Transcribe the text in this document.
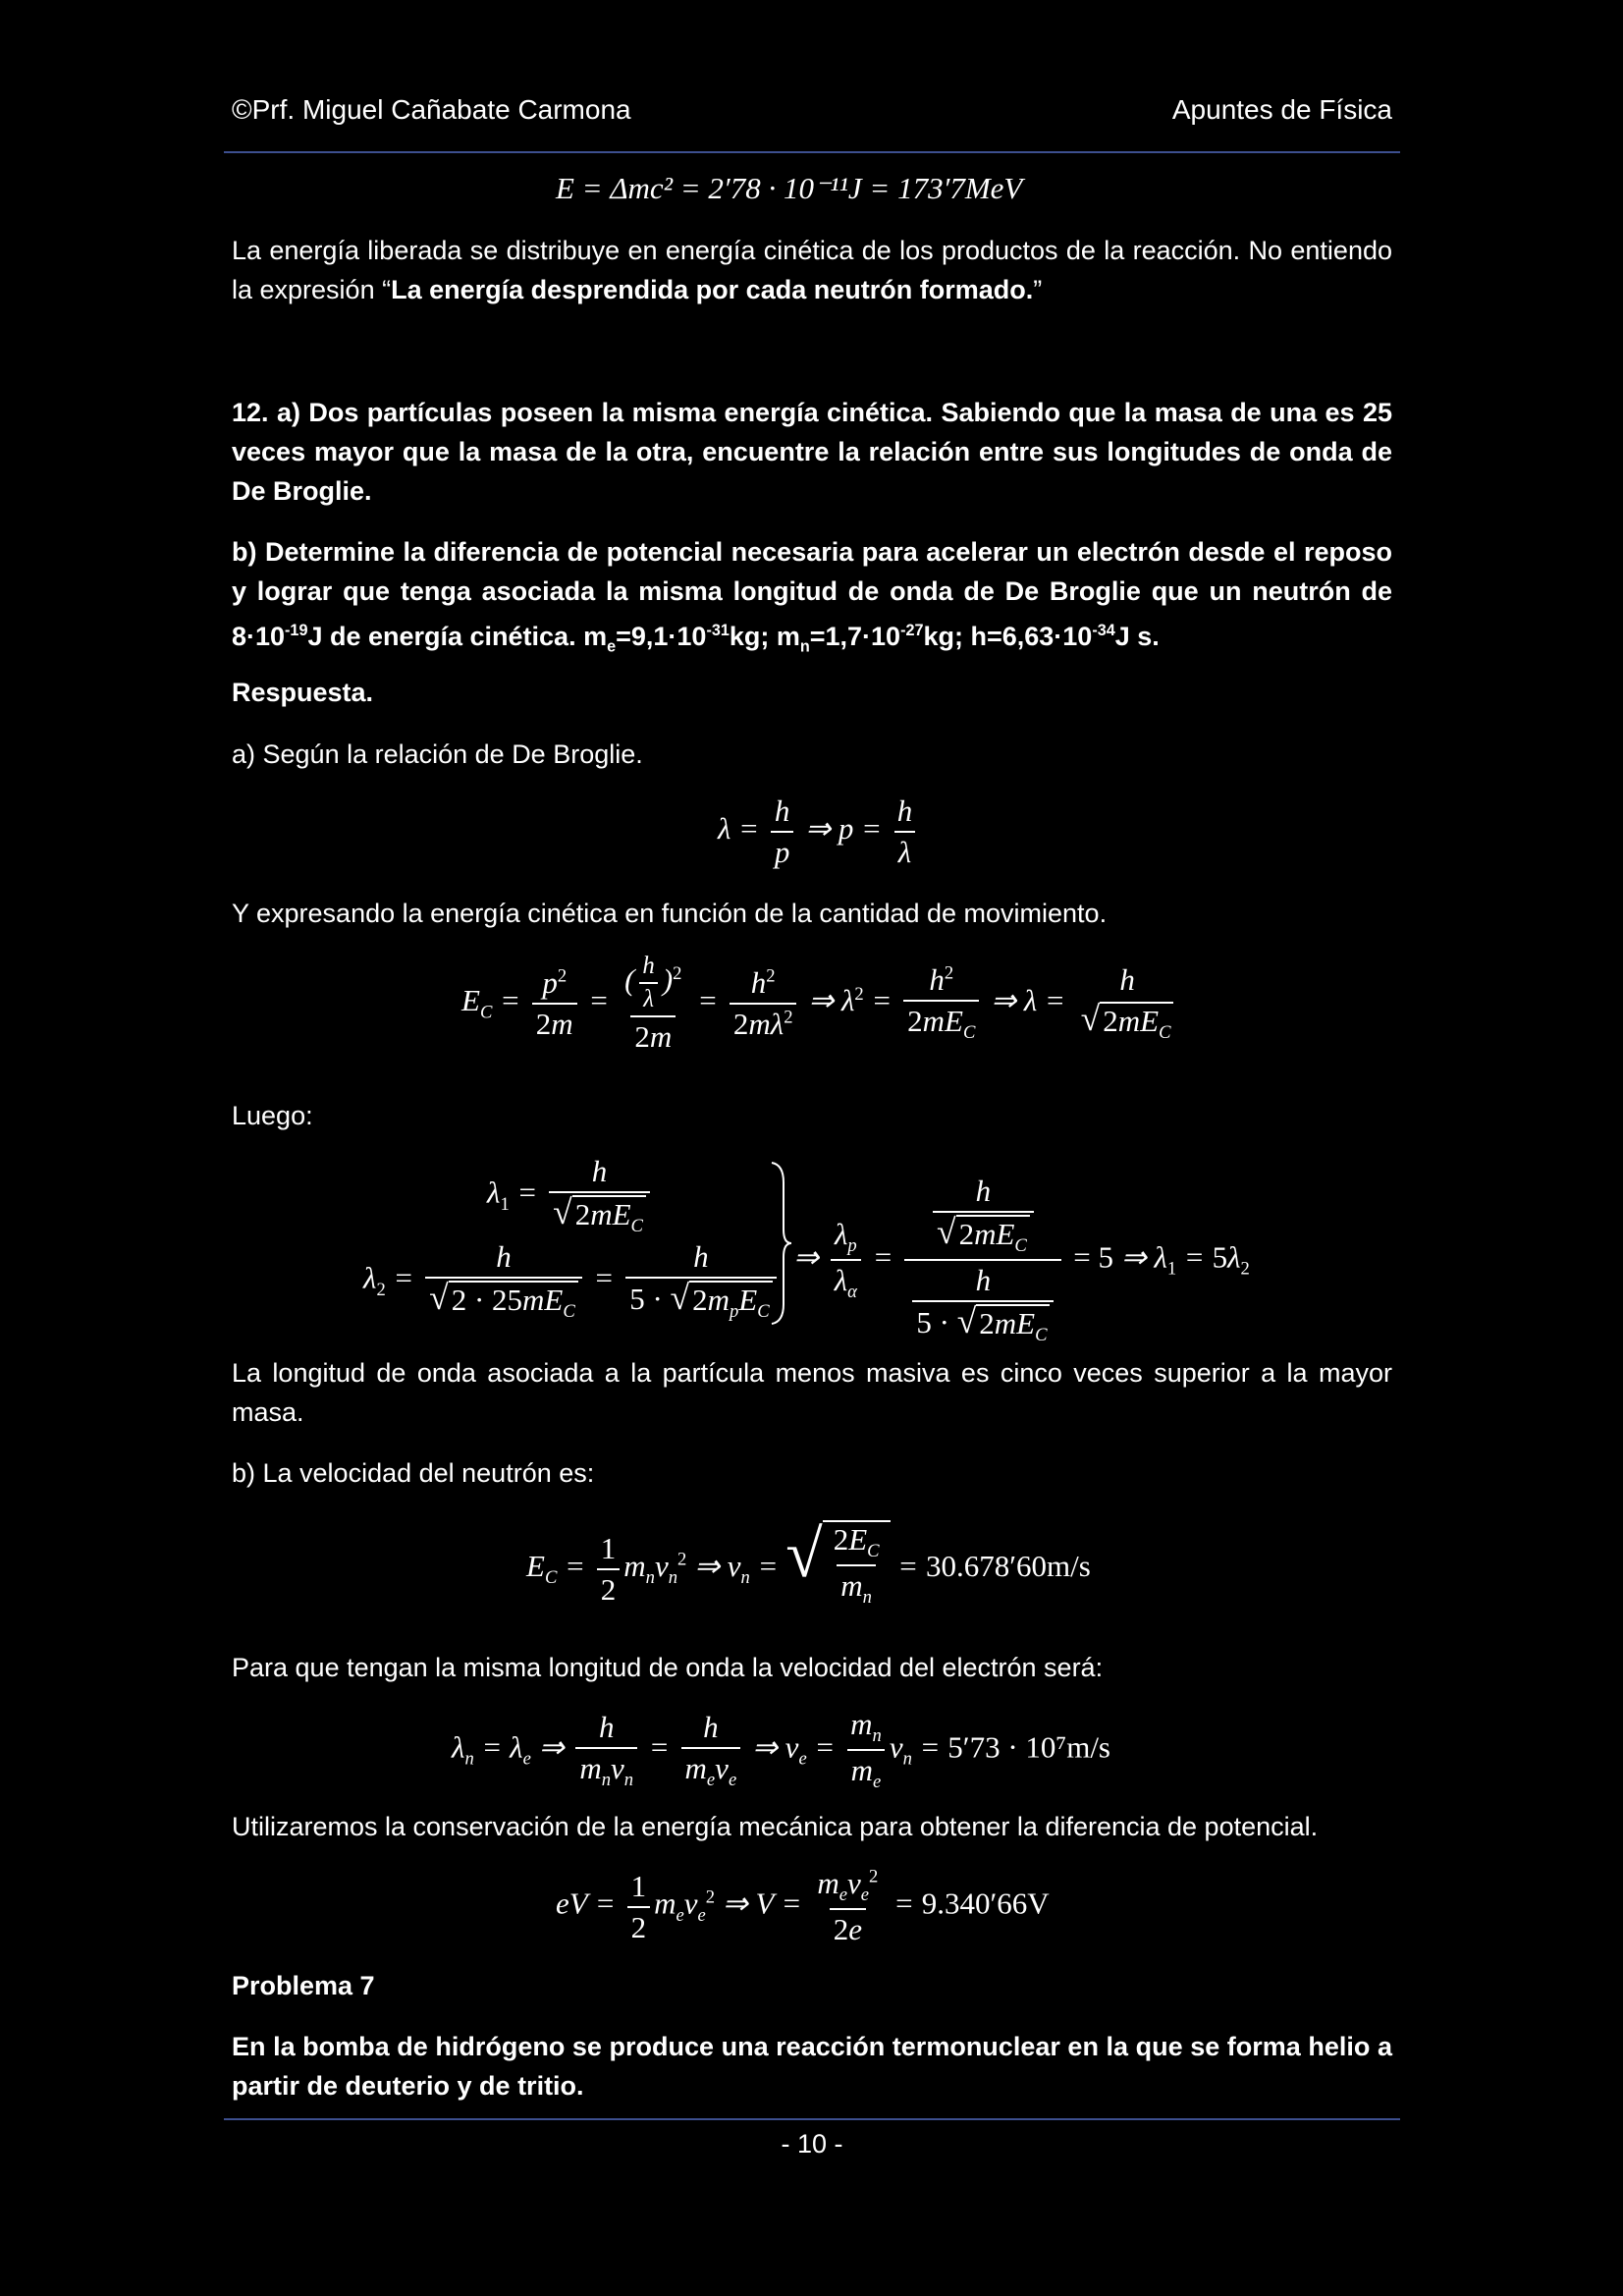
©Prf. Miguel Cañabate Carmona	Apuntes de Física
E = Δmc² = 2′78 · 10⁻¹¹J = 173′7MeV

La energía liberada se distribuye en energía cinética de los productos de la reacción. No entiendo la expresión “La energía desprendida por cada neutrón formado.”

12. a) Dos partículas poseen la misma energía cinética. Sabiendo que la masa de una es 25 veces mayor que la masa de la otra, encuentre la relación entre sus longitudes de onda de De Broglie.

b) Determine la diferencia de potencial necesaria para acelerar un electrón desde el reposo y lograr que tenga asociada la misma longitud de onda de De Broglie que un neutrón de $8\cdot 10^{-19}J$ de energía cinética. $m_e=9,1\cdot 10^{-31}kg$; $m_n=1,7\cdot 10^{-27}kg$; $h=6,63\cdot 10^{-34}J$ s.

Respuesta.

a) Según la relación de De Broglie.

$\lambda = \frac{h}{p}$ ⇒ $p = \frac{h}{\lambda}$

Y expresando la energía cinética en función de la cantidad de movimiento.

$E_C = \frac{p^2}{2m} = \frac{( \frac{h}{\lambda} )^2}{2m} = \frac{h^2}{2m\lambda^2}$ ⇒ $\lambda^2 = \frac{h^2}{2mE_C}$ ⇒ λ =
h
√ $2mE_C$

Luego:

$\lambda_1 = \frac{h}{√ 2mE_C}$
$\lambda_2 = \frac{h}{√ 2 \cdot 25mE_C} = \frac{h}{5 \cdot √ 2m_pE_C}$ ⇒ $\frac{\lambda_p}{\lambda_\alpha} = \frac{\frac{h}{√ 2mE_C}}{\frac{h}{5 \cdot √ 2mE_C}} = 5$ ⇒ $\lambda_1 = 5\lambda_2$

La longitud de onda asociada a la partícula menos masiva es cinco veces superior a la mayor masa.

b) La velocidad del neutrón es:

$E_C = \frac{1}{2} m_nv_n^2$ ⇒ $v_n$ = √ $\frac{2E_C}{m_n} = 30.678'60m/s$

Para que tengan la misma longitud de onda la velocidad del electrón será:

$\lambda_n = \lambda_e$ ⇒ $\frac{h}{m_nv_n} = \frac{h}{m_ev_e}$ ⇒ $v_e = \frac{m_n}{m_e} v_n = 5'73 \cdot 10^7m/s$

Utilizaremos la conservación de la energía mecánica para obtener la diferencia de potencial.

eV = $\frac{1}{2} m_ev_e^2$ ⇒ $V = \frac{m_ev_e^2}{2e} = 9.340'66V$

Problema 7

En la bomba de hidrógeno se produce una reacción termonuclear en la que se forma helio a partir de deuterio y de tritio.

- 10 -
